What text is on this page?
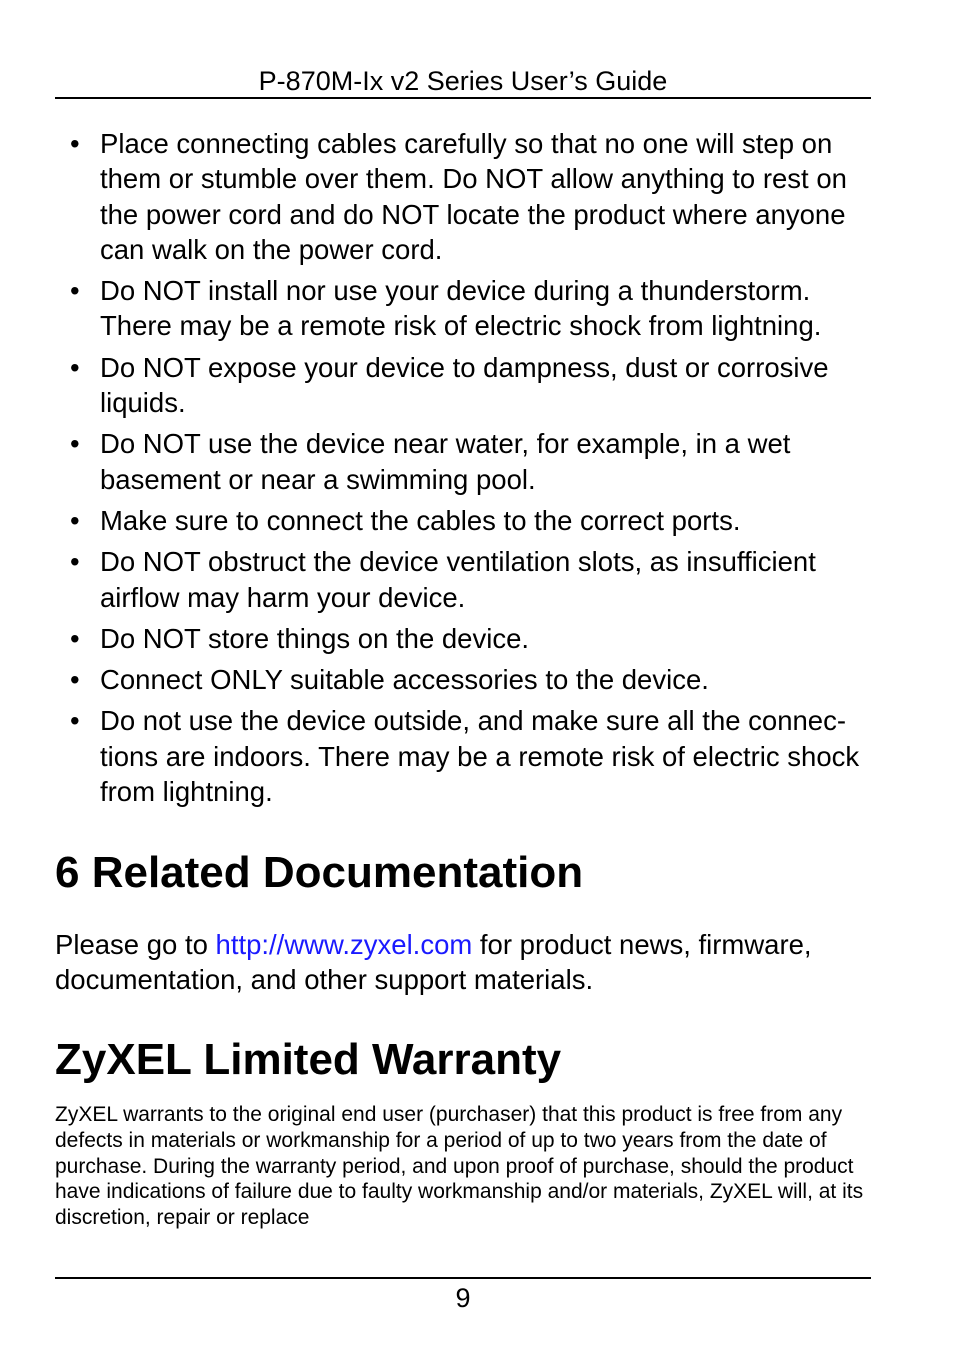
P-870M-Ix v2 Series User’s Guide
• Place connecting cables carefully so that no one will step on them or stumble over them. Do NOT allow anything to rest on the power cord and do NOT locate the product where anyone can walk on the power cord.
• Do NOT install nor use your device during a thunderstorm. There may be a remote risk of electric shock from lightning.
• Do NOT expose your device to dampness, dust or corrosive liquids.
• Do NOT use the device near water, for example, in a wet basement or near a swimming pool.
• Make sure to connect the cables to the correct ports.
• Do NOT obstruct the device ventilation slots, as insufficient airflow may harm your device.
• Do NOT store things on the device.
• Connect ONLY suitable accessories to the device.
• Do not use the device outside, and make sure all the connec-tions are indoors. There may be a remote risk of electric shock from lightning.
6 Related Documentation

Please go to http://www.zyxel.com for product news, firmware, documentation, and other support materials.

ZyXEL Limited Warranty

ZyXEL warrants to the original end user (purchaser) that this product is free from any defects in materials or workmanship for a period of up to two years from the date of purchase. During the warranty period, and upon proof of purchase, should the product have indications of failure due to faulty workmanship and/or materials, ZyXEL will, at its discretion, repair or replace

9
